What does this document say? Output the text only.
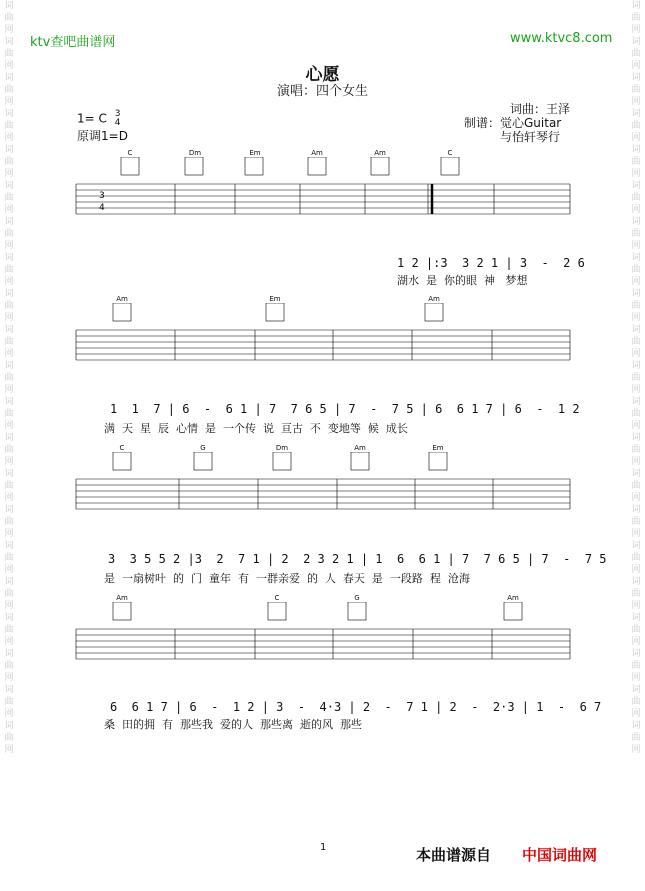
词曲网词曲网词曲网词曲网词曲网词曲网词曲网词曲网词曲网词曲网词曲网词曲网词曲网词曲网词曲网词曲网词曲网词曲网词曲网词曲网词曲网
词曲网词曲网词曲网词曲网词曲网词曲网词曲网词曲网词曲网词曲网词曲网词曲网词曲网词曲网词曲网词曲网词曲网词曲网词曲网词曲网词曲网
ktv查吧曲谱网	www.ktvc8.com
心愿
演唱：四个女生
1= C 3
4
原调1=D
词曲：王泽
制谱：觉心Guitar
与怡轩琴行
C	Dm	Em	Am	Am	C
3
4
1 2 |:3  3 2 1 | 3  -  2 6
湖水  是  你的眼  神   梦想
Am	Em	Am
1  1  7 | 6  -  6 1 | 7  7 6 5 | 7  -  7 5 | 6  6 1 7 | 6  -  1 2
满  天  星  辰  心情  是  一个传  说  亘古  不  变地等  候  成长
C	G	Dm	Am	Em
3  3 5 5 2 |3  2  7 1 | 2  2 3 2 1 | 1  6  6 1 | 7  7 6 5 | 7  -  7 5
是  一扇树叶  的  门  童年  有  一群亲爱  的  人  春天  是  一段路  程  沧海
Am	C	G	Am
6  6 1 7 | 6  -  1 2 | 3  -  4·3 | 2  -  7 1 | 2  -  2·3 | 1  -  6 7
桑  田的拥  有  那些我  爱的人  那些离  逝的风  那些
1	本曲谱源自 中国词曲网
